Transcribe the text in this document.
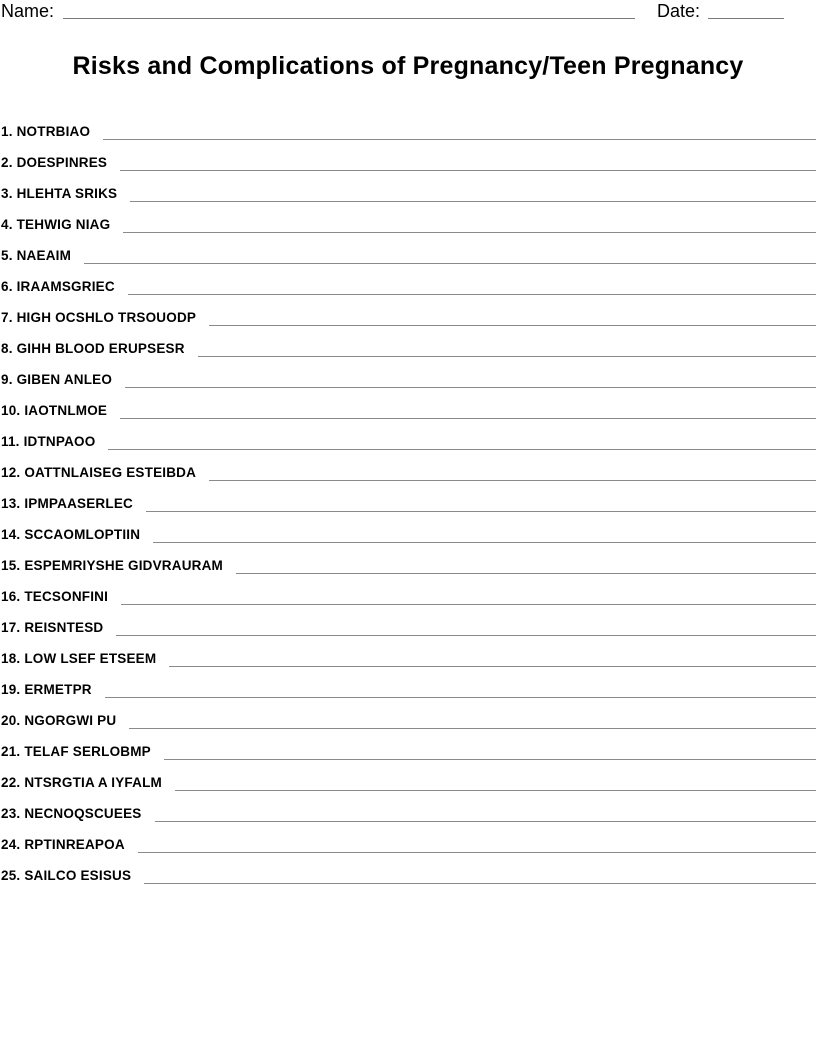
Name:	Date:
Risks and Complications of Pregnancy/Teen Pregnancy
1. NOTRBIAO
2. DOESPINRES
3. HLEHTA SRIKS
4. TEHWIG NIAG
5. NAEAIM
6. IRAAMSGRIEC
7. HIGH OCSHLO TRSOUODP
8. GIHH BLOOD ERUPSESR
9. GIBEN ANLEO
10. IAOTNLMOE
11. IDTNPAOO
12. OATTNLAISEG ESTEIBDA
13. IPMPAASERLEC
14. SCCAOMLOPTIIN
15. ESPEMRIYSHE GIDVRAURAM
16. TECSONFINI
17. REISNTESD
18. LOW LSEF ETSEEM
19. ERMETPR
20. NGORGWI PU
21. TELAF SERLOBMP
22. NTSRGTIA A IYFALM
23. NECNOQSCUEES
24. RPTINREAPOA
25. SAILCO ESISUS
